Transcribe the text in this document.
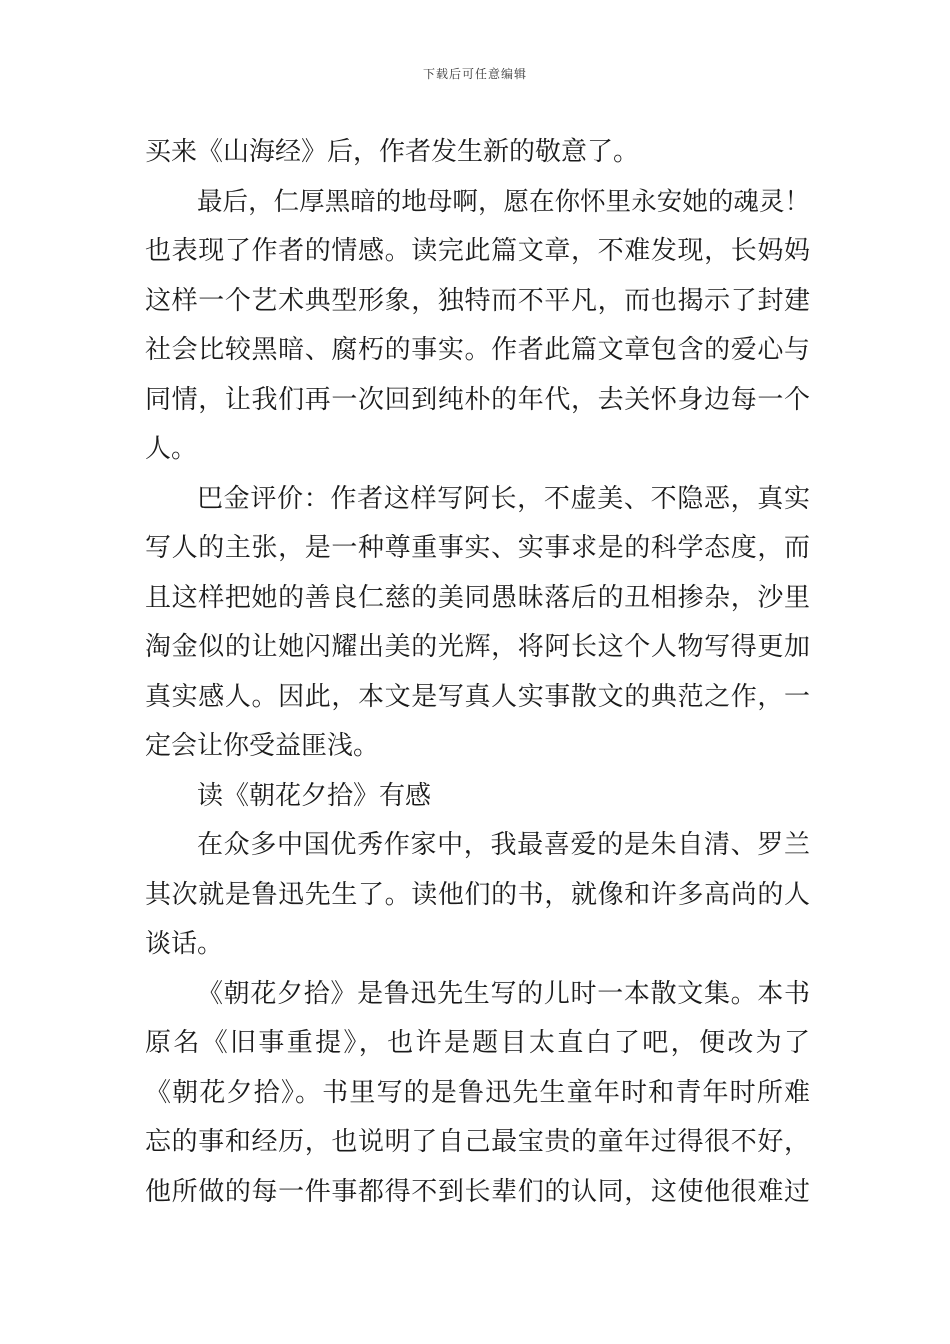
下载后可任意编辑
买来《山海经》后，作者发生新的敬意了。
最后，仁厚黑暗的地母啊，愿在你怀里永安她的魂灵！
也表现了作者的情感。读完此篇文章，不难发现，长妈妈
这样一个艺术典型形象，独特而不平凡，而也揭示了封建
社会比较黑暗、腐朽的事实。作者此篇文章包含的爱心与
同情，让我们再一次回到纯朴的年代，去关怀身边每一个
人。
巴金评价：作者这样写阿长，不虚美、不隐恶，真实
写人的主张，是一种尊重事实、实事求是的科学态度，而
且这样把她的善良仁慈的美同愚昧落后的丑相掺杂，沙里
淘金似的让她闪耀出美的光辉，将阿长这个人物写得更加
真实感人。因此，本文是写真人实事散文的典范之作，一
定会让你受益匪浅。
读《朝花夕拾》有感
在众多中国优秀作家中，我最喜爱的是朱自清、罗兰
其次就是鲁迅先生了。读他们的书，就像和许多高尚的人
谈话。
《朝花夕拾》是鲁迅先生写的儿时一本散文集。本书
原名《旧事重提》，也许是题目太直白了吧，便改为了
《朝花夕拾》。书里写的是鲁迅先生童年时和青年时所难
忘的事和经历，也说明了自己最宝贵的童年过得很不好，
他所做的每一件事都得不到长辈们的认同，这使他很难过
